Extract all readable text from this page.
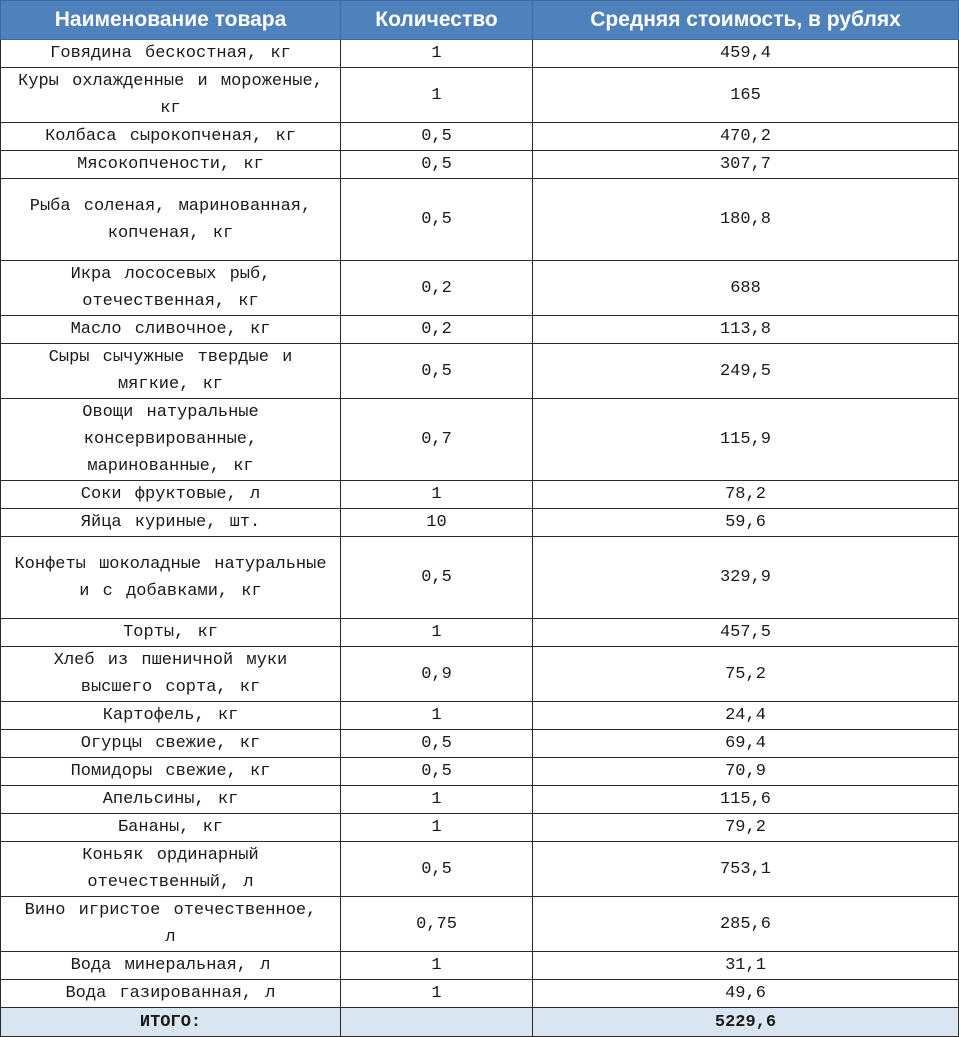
Наименование товара	Количество	Средняя стоимость, в рублях
Говядина бескостная, кг	1	459,4
Куры охлажденные и мороженые, кг	1	165
Колбаса сырокопченая, кг	0,5	470,2
Мясокопчености, кг	0,5	307,7
Рыба соленая, маринованная, копченая, кг	0,5	180,8
Икра лососевых рыб, отечественная, кг	0,2	688
Масло сливочное, кг	0,2	113,8
Сыры сычужные твердые и мягкие, кг	0,5	249,5
Овощи натуральные консервированные, маринованные, кг	0,7	115,9
Соки фруктовые, л	1	78,2
Яйца куриные, шт.	10	59,6
Конфеты шоколадные натуральные и с добавками, кг	0,5	329,9
Торты, кг	1	457,5
Хлеб из пшеничной муки высшего сорта, кг	0,9	75,2
Картофель, кг	1	24,4
Огурцы свежие, кг	0,5	69,4
Помидоры свежие, кг	0,5	70,9
Апельсины, кг	1	115,6
Бананы, кг	1	79,2
Коньяк ординарный отечественный, л	0,5	753,1
Вино игристое отечественное, л	0,75	285,6
Вода минеральная, л	1	31,1
Вода газированная, л	1	49,6
ИТОГО:		5229,6
